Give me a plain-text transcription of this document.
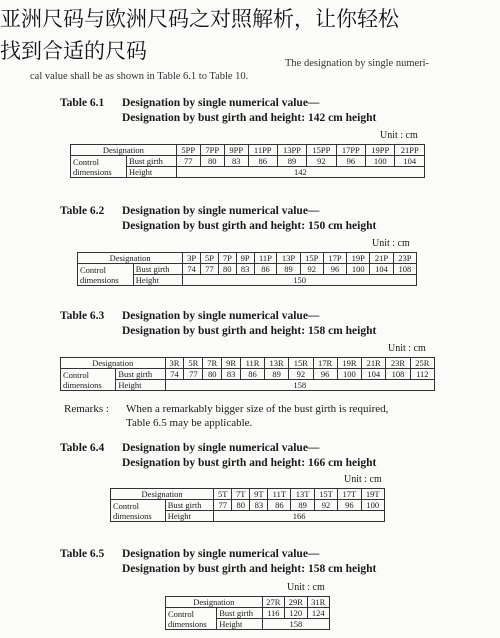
亚洲尺码与欧洲尺码之对照解析，让你轻松
找到合适的尺码
The designation by single numeri-
cal value shall be as shown in Table 6.1 to Table 10.
Table 6.1 Designation by single numerical value—
Designation by bust girth and height: 142 cm height
Unit : cm
Designation		5PP	7PP	9PP	11PP	13PP	15PP	17PP	19PP	21PP

Control
dimensions	Bust girth	77	80	83	86	89	92	96	100	104
	Height	142								
Table 6.2 Designation by single numerical value—
Designation by bust girth and height: 150 cm height
Unit : cm
Designation		3P	5P	7P	9P	11P	13P	15P	17P	19P	21P	23P

Control
dimensions	Bust girth	74	77	80	83	86	89	92	96	100	104	108
	Height	150										
Table 6.3 Designation by single numerical value—
Designation by bust girth and height: 158 cm height
Unit : cm
Designation		3R	5R	7R	9R	11R	13R	15R	17R	19R	21R	23R	25R

Control
dimensions	Bust girth	74	77	80	83	86	89	92	96	100	104	108	112
	Height	158											
Remarks : When a remarkably bigger size of the bust girth is required,
Table 6.5 may be applicable.
Table 6.4 Designation by single numerical value—
Designation by bust girth and height: 166 cm height
Unit : cm
Designation		5T	7T	9T	11T	13T	15T	17T	19T

Control
dimensions	Bust girth	77	80	83	86	89	92	96	100
	Height	166							
Table 6.5 Designation by single numerical value—
Designation by bust girth and height: 158 cm height
Unit : cm
Designation		27R	29R	31R

Control
dimensions	Bust girth	116	120	124
	Height	158		
